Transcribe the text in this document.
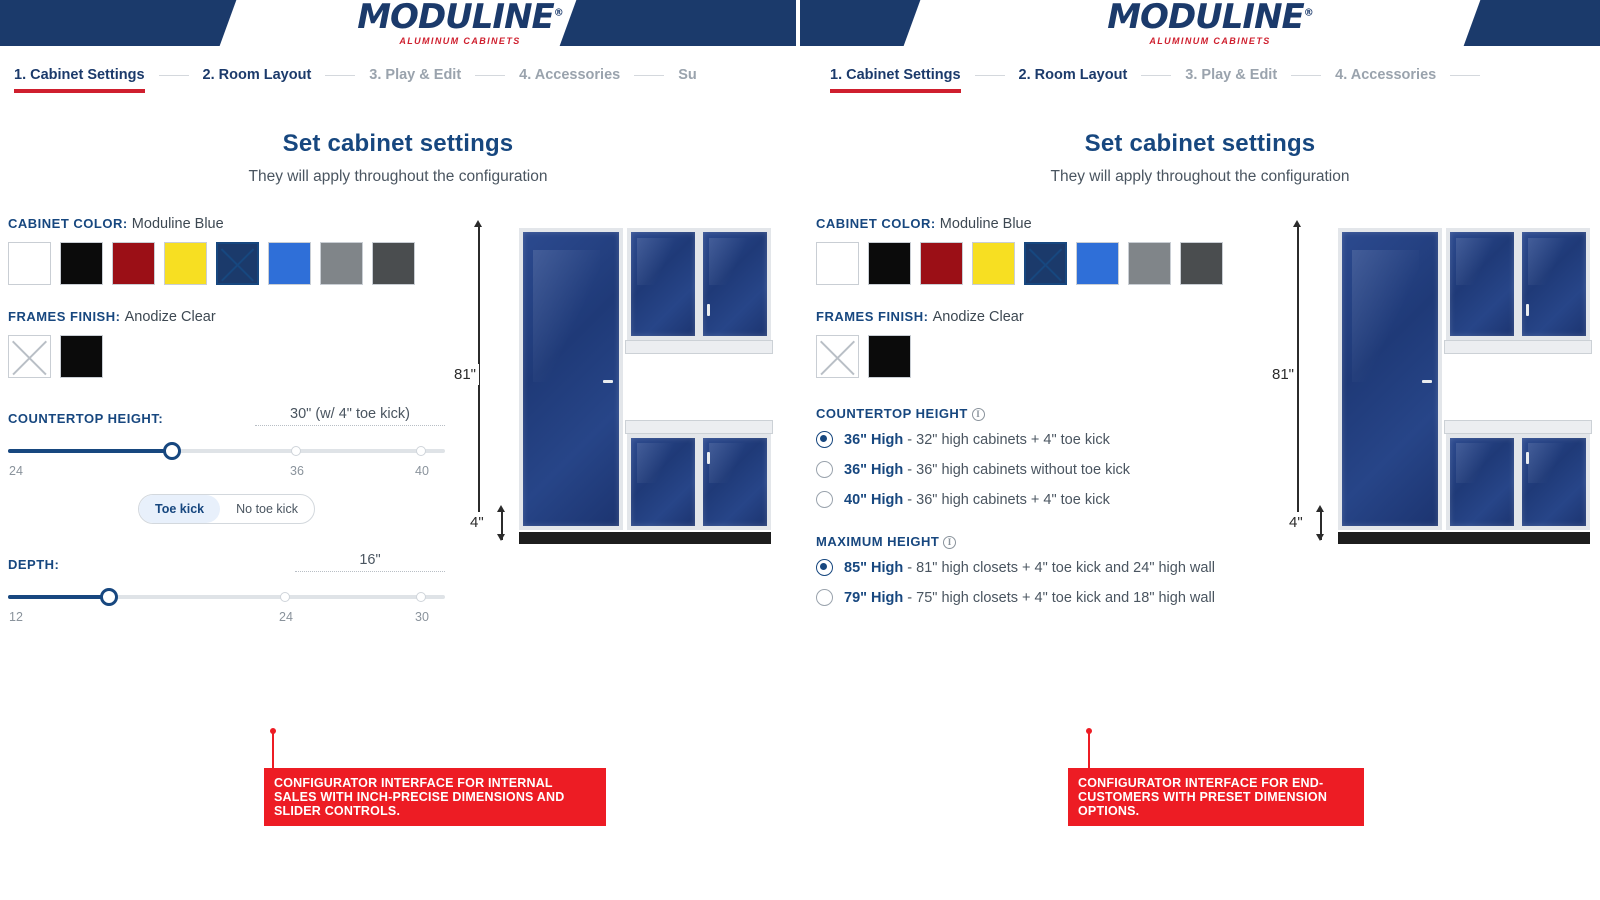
MODULINE®
ALUMINUM CABINETS
1. Cabinet Settings	2. Room Layout	3. Play & Edit	4. Accessories	Su
Set cabinet settings
They will apply throughout the configuration
CABINET COLOR: Moduline Blue
FRAMES FINISH: Anodize Clear
COUNTERTOP HEIGHT:	30" (w/ 4" toe kick)
24	36	40
Toe kick	No toe kick
DEPTH:	16"
12	24	30
81"
4"
CONFIGURATOR INTERFACE FOR INTERNAL SALES WITH INCH-PRECISE DIMENSIONS AND SLIDER CONTROLS.
MODULINE®
ALUMINUM CABINETS
1. Cabinet Settings	2. Room Layout	3. Play & Edit	4. Accessories
Set cabinet settings
They will apply throughout the configuration
CABINET COLOR: Moduline Blue
FRAMES FINISH: Anodize Clear
COUNTERTOP HEIGHT I
36" High - 32" high cabinets + 4" toe kick
36" High - 36" high cabinets without toe kick
40" High - 36" high cabinets + 4" toe kick
MAXIMUM HEIGHT I
85" High - 81" high closets + 4" toe kick and 24" high wall
79" High - 75" high closets + 4" toe kick and 18" high wall
81"
4"
CONFIGURATOR INTERFACE FOR END-CUSTOMERS WITH PRESET DIMENSION OPTIONS.
